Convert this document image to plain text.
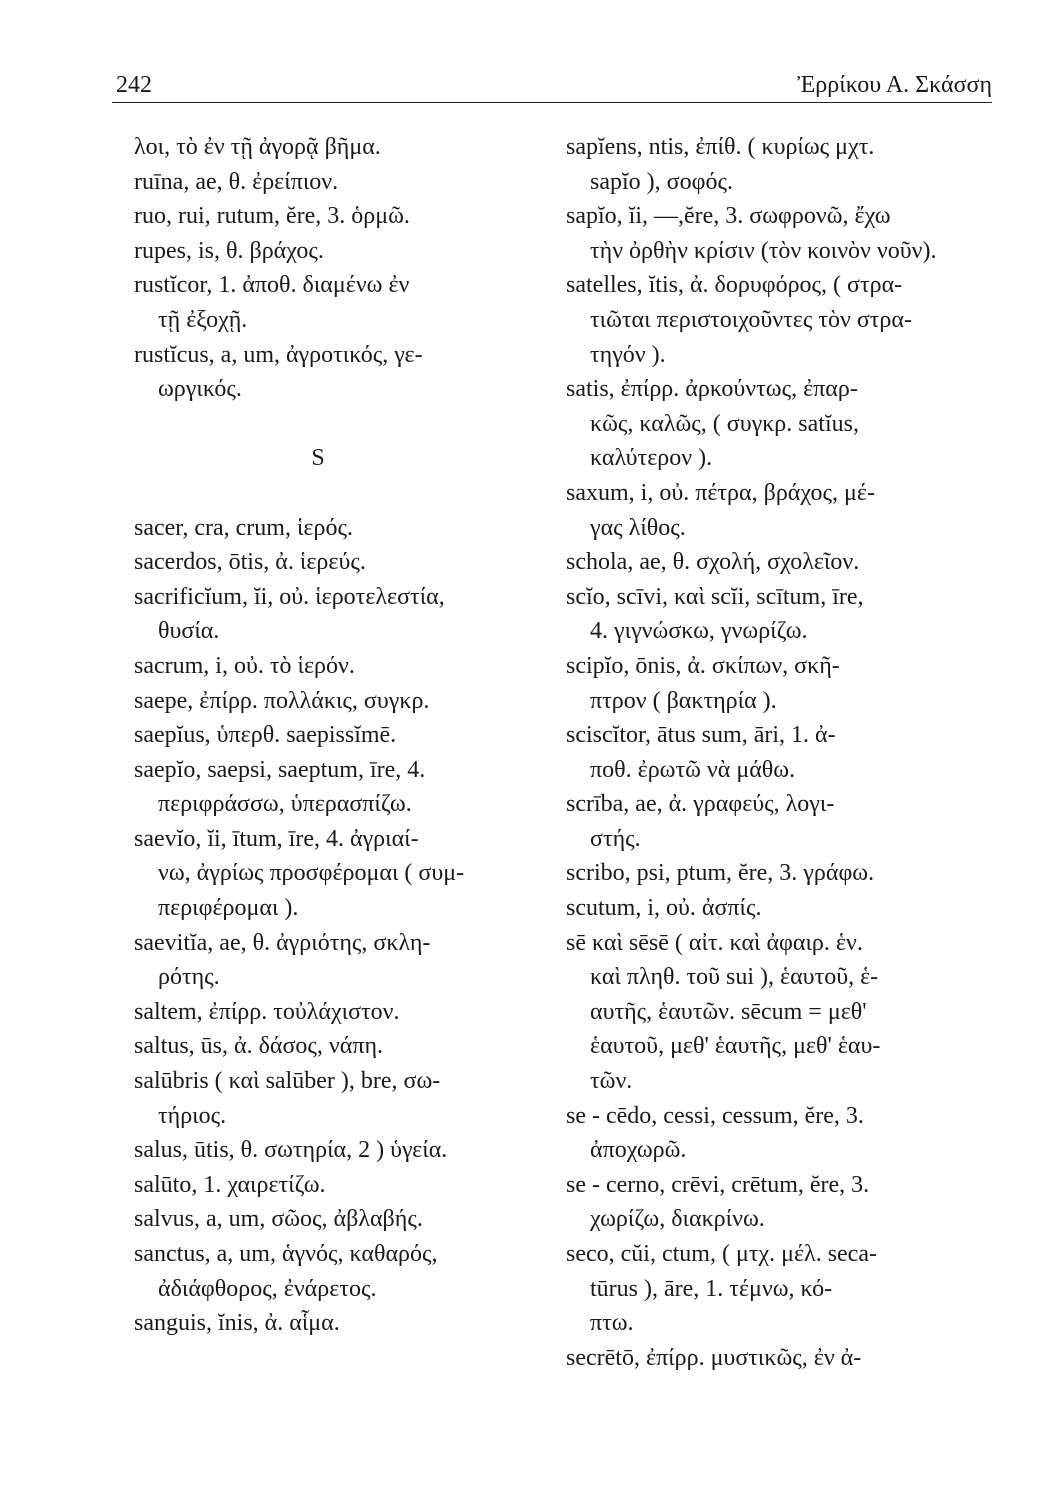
242	Ἐρρίκου Α. Σκάσση
λοι, τὸ ἐν τῇ ἀγορᾷ βῆμα.
ruīna, ae, θ. ἐρείπιον.
ruo, rui, rutum, ĕre, 3. ὁρμῶ.
rupes, is, θ. βράχος.
rustĭcor, 1. ἀποθ. διαμένω ἐν
τῇ ἐξοχῇ.
rustĭcus, a, um, ἀγροτικός, γε-
ωργικός.
S
sacer, cra, crum, ἱερός.
sacerdos, ōtis, ἀ. ἱερεύς.
sacrificĭum, ĭi, οὐ. ἱεροτελεστία,
θυσία.
sacrum, i, οὐ. τὸ ἱερόν.
saepe, ἐπίρρ. πολλάκις, συγκρ.
saepĭus, ὑπερθ. saepissĭmē.
saepĭo, saepsi, saeptum, īre, 4.
περιφράσσω, ὑπερασπίζω.
saevĭo, ĭi, ītum, īre, 4. ἀγριαί-
νω, ἀγρίως προσφέρομαι ( συμ-
περιφέρομαι ).
saevitĭa, ae, θ. ἀγριότης, σκλη-
ρότης.
saltem, ἐπίρρ. τοὐλάχιστον.
saltus, ūs, ἀ. δάσος, νάπη.
salūbris ( καὶ salūber ), bre, σω-
τήριος.
salus, ūtis, θ. σωτηρία, 2 ) ὑγεία.
salūto, 1. χαιρετίζω.
salvus, a, um, σῶος, ἀβλαβής.
sanctus, a, um, ἁγνός, καθαρός,
ἀδιάφθορος, ἐνάρετος.
sanguis, ĭnis, ἀ. αἷμα.
sapĭens, ntis, ἐπίθ. ( κυρίως μχτ.
sapĭo ), σοφός.
sapĭo, ĭi, —,ĕre, 3. σωφρονῶ, ἔχω
τὴν ὀρθὴν κρίσιν (τὸν κοινὸν νοῦν).
satelles, ĭtis, ἀ. δορυφόρος, ( στρα-
τιῶται περιστοιχοῦντες τὸν στρα-
τηγόν ).
satis, ἐπίρρ. ἀρκούντως, ἐπαρ-
κῶς, καλῶς, ( συγκρ. satĭus,
καλύτερον ).
saxum, i, οὐ. πέτρα, βράχος, μέ-
γας λίθος.
schola, ae, θ. σχολή, σχολεῖον.
scĭo, scīvi, καὶ scĭi, scītum, īre,
4. γιγνώσκω, γνωρίζω.
scipĭo, ōnis, ἀ. σκίπων, σκῆ-
πτρον ( βακτηρία ).
sciscĭtor, ātus sum, āri, 1. ἀ-
ποθ. ἐρωτῶ νὰ μάθω.
scrība, ae, ἀ. γραφεύς, λογι-
στής.
scribo, psi, ptum, ĕre, 3. γράφω.
scutum, i, οὐ. ἀσπίς.
sē καὶ sēsē ( αἰτ. καὶ ἀφαιρ. ἑν.
καὶ πληθ. τοῦ sui ), ἑαυτοῦ, ἑ-
αυτῆς, ἑαυτῶν. sēcum = μεθ'
ἑαυτοῦ, μεθ' ἑαυτῆς, μεθ' ἑαυ-
τῶν.
se - cēdo, cessi, cessum, ĕre, 3.
ἀποχωρῶ.
se - cerno, crēvi, crētum, ĕre, 3.
χωρίζω, διακρίνω.
seco, cŭi, ctum, ( μτχ. μέλ. seca-
tūrus ), āre, 1. τέμνω, κό-
πτω.
secrētō, ἐπίρρ. μυστικῶς, ἐν ἀ-
